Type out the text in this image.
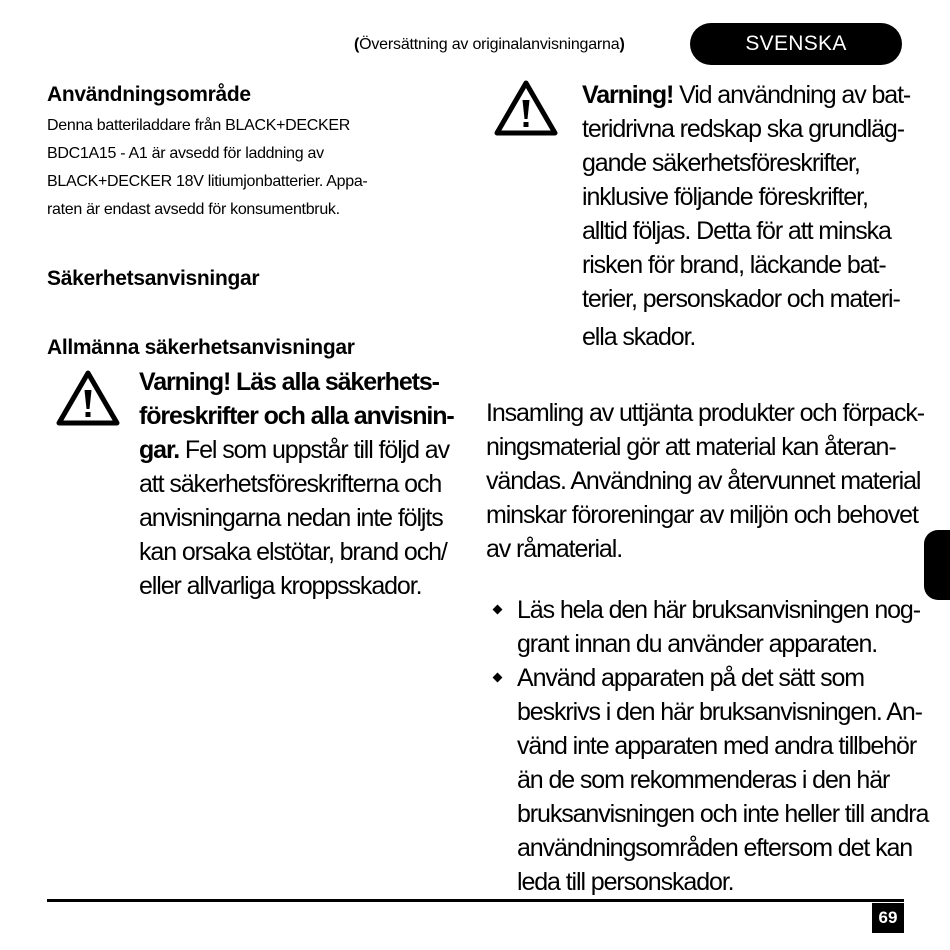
(Översättning av originalanvisningarna)	SVENSKA
Användningsområde
Denna batteriladdare från BLACK+DECKER
BDC1A15 - A1 är avsedd för laddning av
BLACK+DECKER 18V litiumjonbatterier. Appa-
raten är endast avsedd för konsumentbruk.
Säkerhetsanvisningar
Allmänna säkerhetsanvisningar
Varning! Läs alla säkerhets-
föreskrifter och alla anvisnin-
gar. Fel som uppstår till följd av
att säkerhetsföreskrifterna och
anvisningarna nedan inte följts
kan orsaka elstötar, brand och/
eller allvarliga kroppsskador.
Varning! Vid användning av bat-
teridrivna redskap ska grundläg-
gande säkerhetsföreskrifter,
inklusive följande föreskrifter,
alltid följas. Detta för att minska
risken för brand, läckande bat-
terier, personskador och materi-
ella skador.
Insamling av uttjänta produkter och förpack-
ningsmaterial gör att material kan återan-
vändas. Användning av återvunnet material
minskar föroreningar av miljön och behovet
av råmaterial.
Läs hela den här bruksanvisningen nog-
grant innan du använder apparaten.
Använd apparaten på det sätt som
beskrivs i den här bruksanvisningen. An-
vänd inte apparaten med andra tillbehör
än de som rekommenderas i den här
bruksanvisningen och inte heller till andra
användningsområden eftersom det kan
leda till personskador.
69
